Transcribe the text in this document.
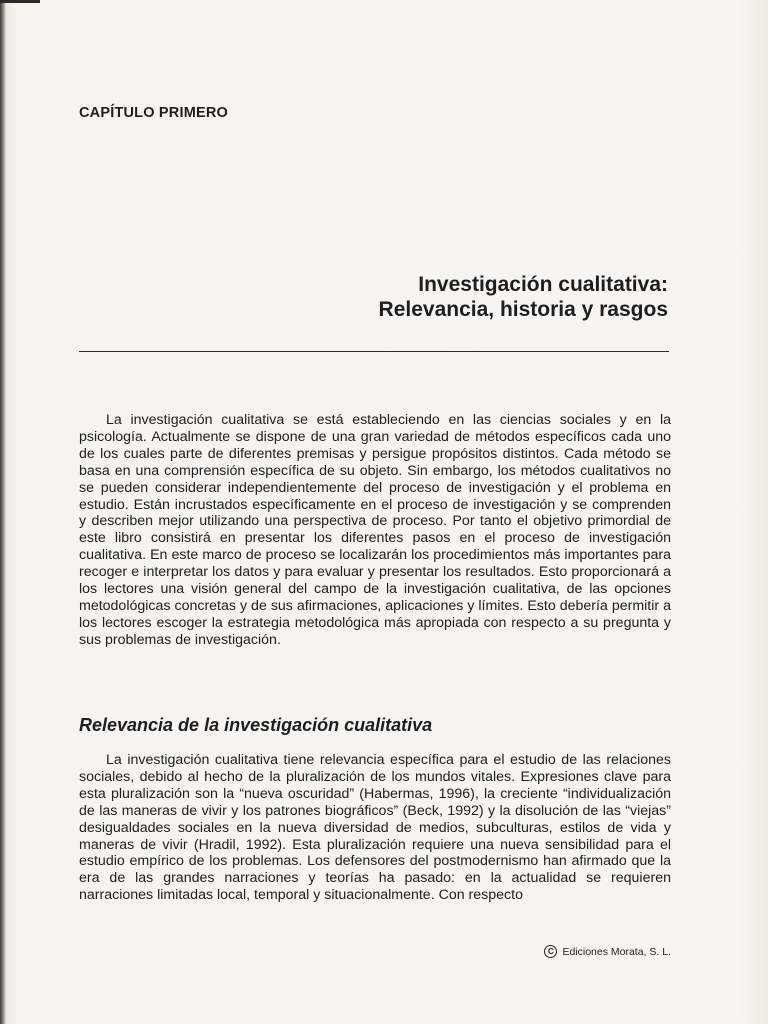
CAPÍTULO PRIMERO
Investigación cualitativa:
Relevancia, historia y rasgos

La investigación cualitativa se está estableciendo en las ciencias sociales y en la psicología. Actualmente se dispone de una gran variedad de métodos específicos cada uno de los cuales parte de diferentes premisas y persigue propósitos distintos. Cada método se basa en una comprensión específica de su objeto. Sin embargo, los métodos cualitativos no se pueden considerar independientemente del proceso de investigación y el problema en estudio. Están incrustados específicamente en el proceso de investigación y se comprenden y describen mejor utilizando una perspectiva de proceso. Por tanto el objetivo primordial de este libro consistirá en presentar los diferentes pasos en el proceso de investigación cualitativa. En este marco de proceso se localizarán los procedimientos más importantes para recoger e interpretar los datos y para evaluar y presentar los resultados. Esto proporcionará a los lectores una visión general del campo de la investigación cualitativa, de las opciones metodológicas concretas y de sus afirmaciones, aplicaciones y límites. Esto debería permitir a los lectores escoger la estrategia metodológica más apropiada con respecto a su pregunta y sus problemas de investigación.

Relevancia de la investigación cualitativa

La investigación cualitativa tiene relevancia específica para el estudio de las relaciones sociales, debido al hecho de la pluralización de los mundos vitales. Expresiones clave para esta pluralización son la “nueva oscuridad” (Habermas, 1996), la creciente “individualización de las maneras de vivir y los patrones biográficos” (Beck, 1992) y la disolución de las “viejas” desigualdades sociales en la nueva diversidad de medios, subculturas, estilos de vida y maneras de vivir (Hradil, 1992). Esta pluralización requiere una nueva sensibilidad para el estudio empírico de los problemas. Los defensores del postmodernismo han afirmado que la era de las grandes narraciones y teorías ha pasado: en la actualidad se requieren narraciones limitadas local, temporal y situacionalmente. Con respecto

C Ediciones Morata, S. L.
